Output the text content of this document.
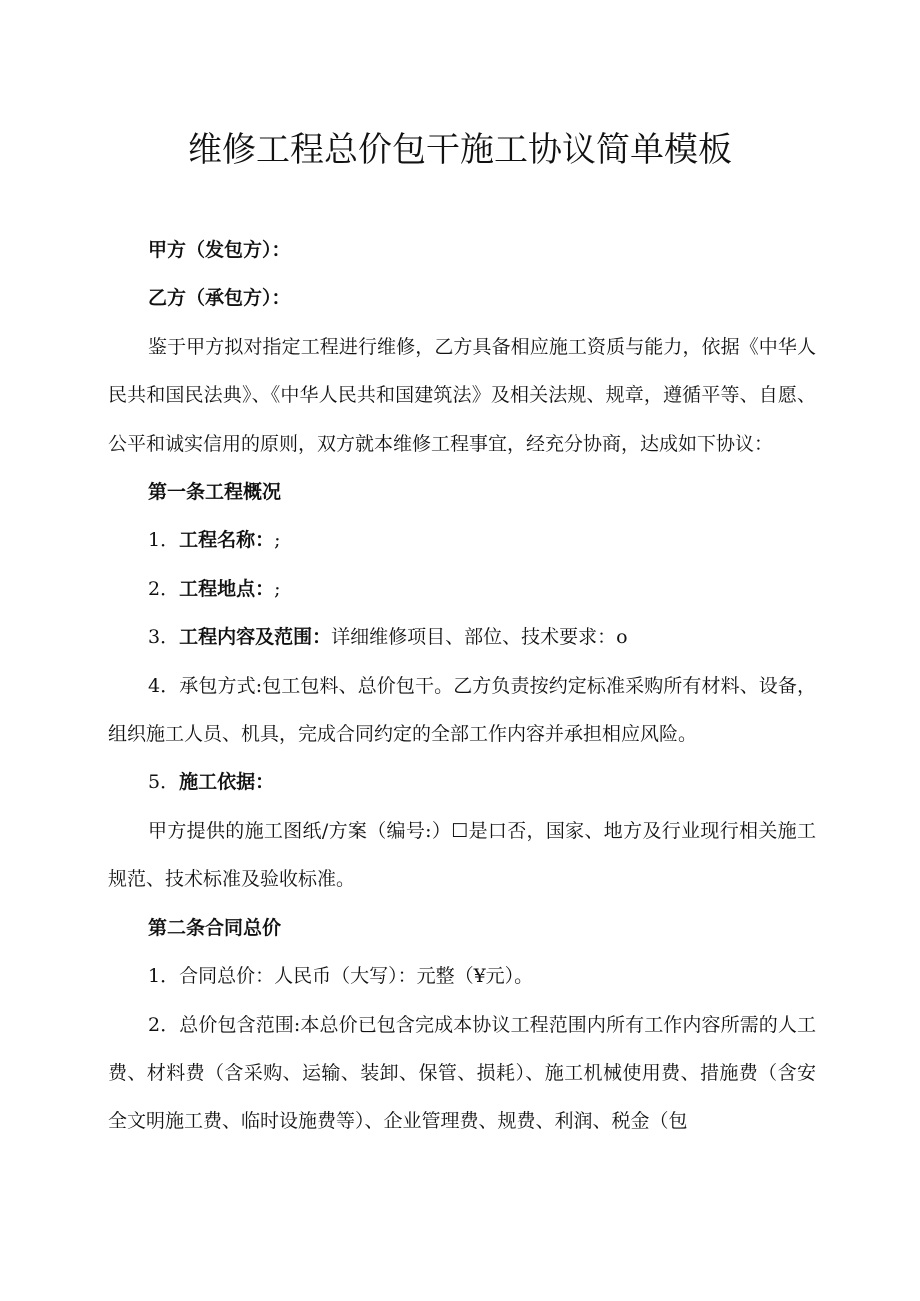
维修工程总价包干施工协议简单模板

甲方（发包方）：

乙方（承包方）：

鉴于甲方拟对指定工程进行维修，乙方具备相应施工资质与能力，依据《中华人民共和国民法典》、《中华人民共和国建筑法》及相关法规、规章，遵循平等、自愿、公平和诚实信用的原则，双方就本维修工程事宜，经充分协商，达成如下协议：

第一条工程概况

1．工程名称：;

2．工程地点：;

3．工程内容及范围：详细维修项目、部位、技术要求：o

4．承包方式:包工包料、总价包干。乙方负责按约定标准采购所有材料、设备，组织施工人员、机具，完成合同约定的全部工作内容并承担相应风险。

5．施工依据：

甲方提供的施工图纸/方案（编号:）☐是口否，国家、地方及行业现行相关施工规范、技术标准及验收标准。

第二条合同总价

1．合同总价：人民币（大写）：元整（¥元）。

2．总价包含范围:本总价已包含完成本协议工程范围内所有工作内容所需的人工费、材料费（含采购、运输、装卸、保管、损耗）、施工机械使用费、措施费（含安全文明施工费、临时设施费等）、企业管理费、规费、利润、税金（包
